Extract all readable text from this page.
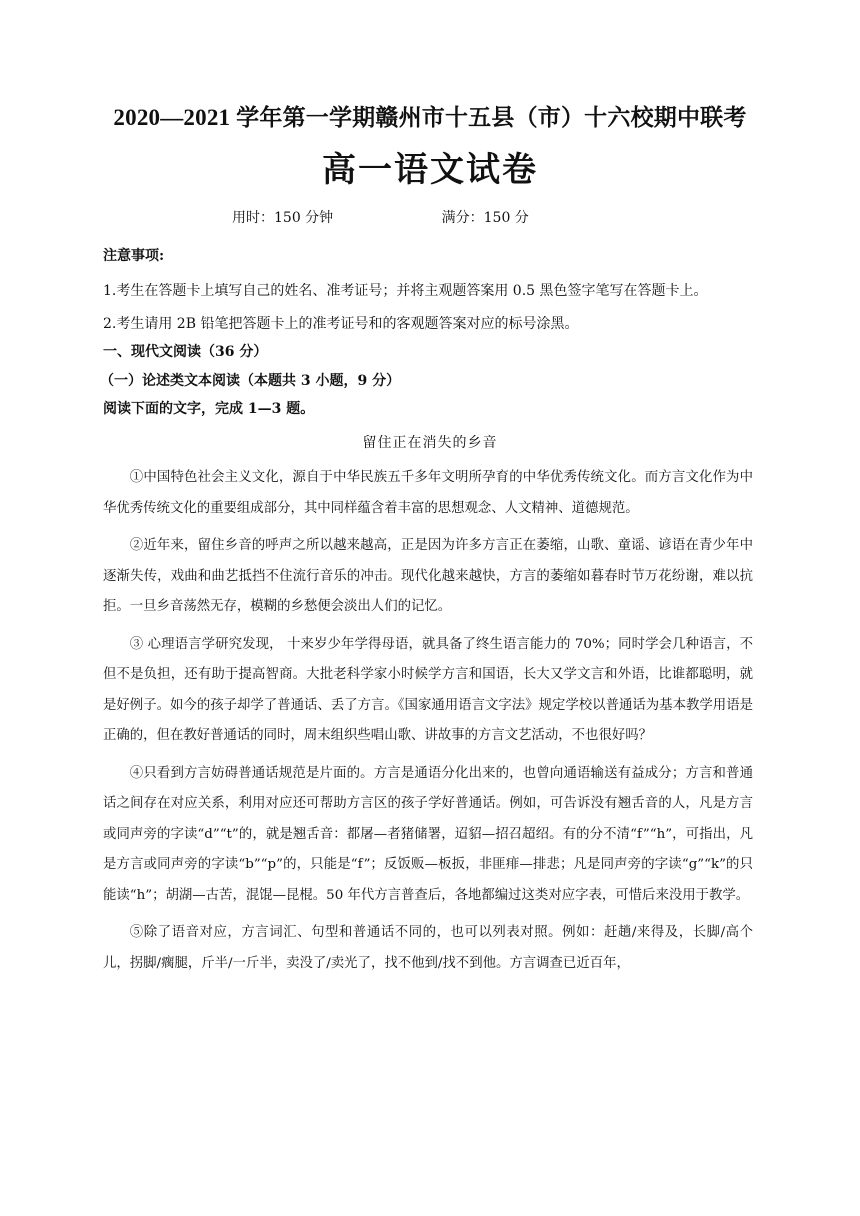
2020—2021 学年第一学期赣州市十五县（市）十六校期中联考
高一语文试卷
用时：150 分钟	满分：150 分
注意事项:
1.考生在答题卡上填写自己的姓名、准考证号；并将主观题答案用 0.5 黑色签字笔写在答题卡上。
2.考生请用 2B 铅笔把答题卡上的准考证号和的客观题答案对应的标号涂黑。
一、现代文阅读（36 分）
（一）论述类文本阅读（本题共 3 小题，9 分）
阅读下面的文字，完成 1—3 题。
留住正在消失的乡音

①中国特色社会主义文化，源自于中华民族五千多年文明所孕育的中华优秀传统文化。而方言文化作为中华优秀传统文化的重要组成部分，其中同样蕴含着丰富的思想观念、人文精神、道德规范。

②近年来，留住乡音的呼声之所以越来越高，正是因为许多方言正在萎缩，山歌、童谣、谚语在青少年中逐渐失传，戏曲和曲艺抵挡不住流行音乐的冲击。现代化越来越快，方言的萎缩如暮春时节万花纷谢，难以抗拒。一旦乡音荡然无存，模糊的乡愁便会淡出人们的记忆。

③ 心理语言学研究发现， 十来岁少年学得母语，就具备了终生语言能力的 70%；同时学会几种语言，不但不是负担，还有助于提高智商。大批老科学家小时候学方言和国语，长大又学文言和外语，比谁都聪明，就是好例子。如今的孩子却学了普通话、丢了方言。《国家通用语言文字法》规定学校以普通话为基本教学用语是正确的，但在教好普通话的同时，周末组织些唱山歌、讲故事的方言文艺活动，不也很好吗？

④只看到方言妨碍普通话规范是片面的。方言是通语分化出来的，也曾向通语输送有益成分；方言和普通话之间存在对应关系，利用对应还可帮助方言区的孩子学好普通话。例如，可告诉没有翘舌音的人，凡是方言或同声旁的字读“d”“t”的，就是翘舌音：都屠—者猪储署，迢貂—招召超绍。有的分不清“f”“h”，可指出，凡是方言或同声旁的字读“b”“p”的，只能是“f”；反饭贩—板扳，非匪痱—排悲；凡是同声旁的字读“g”“k”的只能读“h”；胡湖—古苦，混馄—昆棍。50 年代方言普查后，各地都编过这类对应字表，可惜后来没用于教学。

⑤除了语音对应，方言词汇、句型和普通话不同的，也可以列表对照。例如：赶趟/来得及，长脚/高个儿，拐脚/瘸腿，斤半/一斤半，卖没了/卖光了，找不他到/找不到他。方言调查已近百年，
